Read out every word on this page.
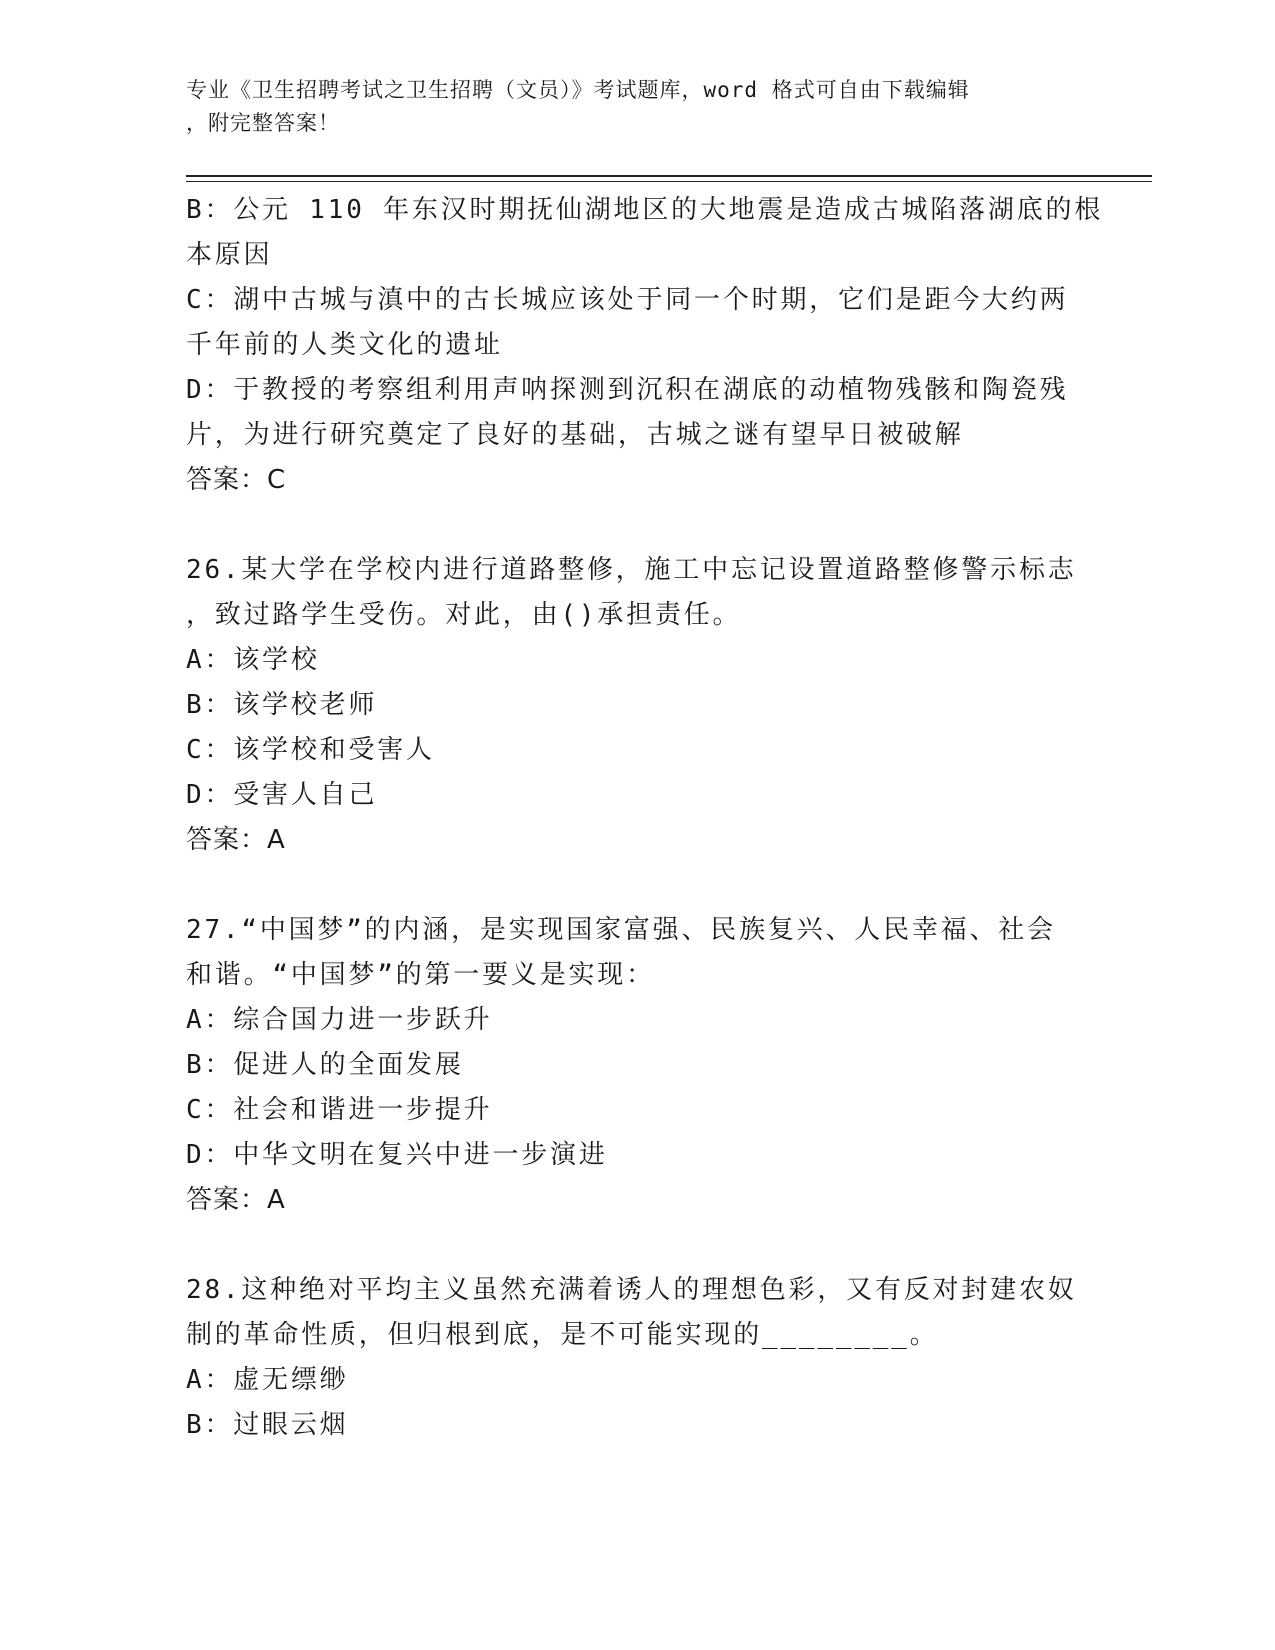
专业《卫生招聘考试之卫生招聘（文员）》考试题库，word 格式可自由下载编辑
，附完整答案！
B：公元 110 年东汉时期抚仙湖地区的大地震是造成古城陷落湖底的根
本原因
C：湖中古城与滇中的古长城应该处于同一个时期，它们是距今大约两
千年前的人类文化的遗址
D：于教授的考察组利用声呐探测到沉积在湖底的动植物残骸和陶瓷残
片，为进行研究奠定了良好的基础，古城之谜有望早日被破解
答案：C
26.某大学在学校内进行道路整修，施工中忘记设置道路整修警示标志
，致过路学生受伤。对此，由()承担责任。
A：该学校
B：该学校老师
C：该学校和受害人
D：受害人自己
答案：A
27.“中国梦”的内涵，是实现国家富强、民族复兴、人民幸福、社会
和谐。“中国梦”的第一要义是实现：
A：综合国力进一步跃升
B：促进人的全面发展
C：社会和谐进一步提升
D：中华文明在复兴中进一步演进
答案：A
28.这种绝对平均主义虽然充满着诱人的理想色彩，又有反对封建农奴
制的革命性质，但归根到底，是不可能实现的________。
A：虚无缥缈
B：过眼云烟
